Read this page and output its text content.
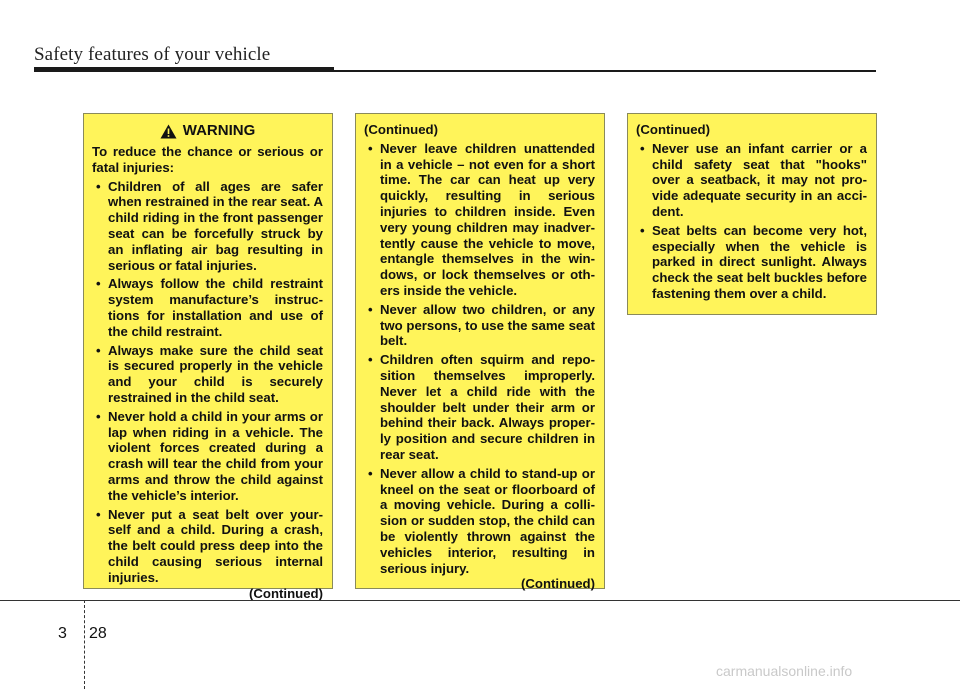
Safety features of your vehicle
WARNING
To reduce the chance or serious or fatal injuries:
• Children of all ages are safer when restrained in the rear seat. A child riding in the front passenger seat can be forcefully struck by an inflating air bag resulting in serious or fatal injuries.
• Always follow the child restraint system manufacture’s instructions for installation and use of the child restraint.
• Always make sure the child seat is secured properly in the vehicle and your child is securely restrained in the child seat.
• Never hold a child in your arms or lap when riding in a vehicle. The violent forces created during a crash will tear the child from your arms and throw the child against the vehicle’s interior.
• Never put a seat belt over yourself and a child. During a crash, the belt could press deep into the child causing serious internal injuries.
(Continued)
(Continued)
• Never leave children unattended in a vehicle – not even for a short time. The car can heat up very quickly, resulting in serious injuries to children inside. Even very young children may inadvertently cause the vehicle to move, entangle themselves in the windows, or lock themselves or others inside the vehicle.
• Never allow two children, or any two persons, to use the same seat belt.
• Children often squirm and reposition themselves improperly. Never let a child ride with the shoulder belt under their arm or behind their back. Always properly position and secure children in rear seat.
• Never allow a child to stand-up or kneel on the seat or floorboard of a moving vehicle. During a collision or sudden stop, the child can be violently thrown against the vehicles interior, resulting in serious injury.
(Continued)
(Continued)
• Never use an infant carrier or a child safety seat that "hooks" over a seatback, it may not provide adequate security in an accident.
• Seat belts can become very hot, especially when the vehicle is parked in direct sunlight. Always check the seat belt buckles before fastening them over a child.
3 28
carmanualsonline.info
